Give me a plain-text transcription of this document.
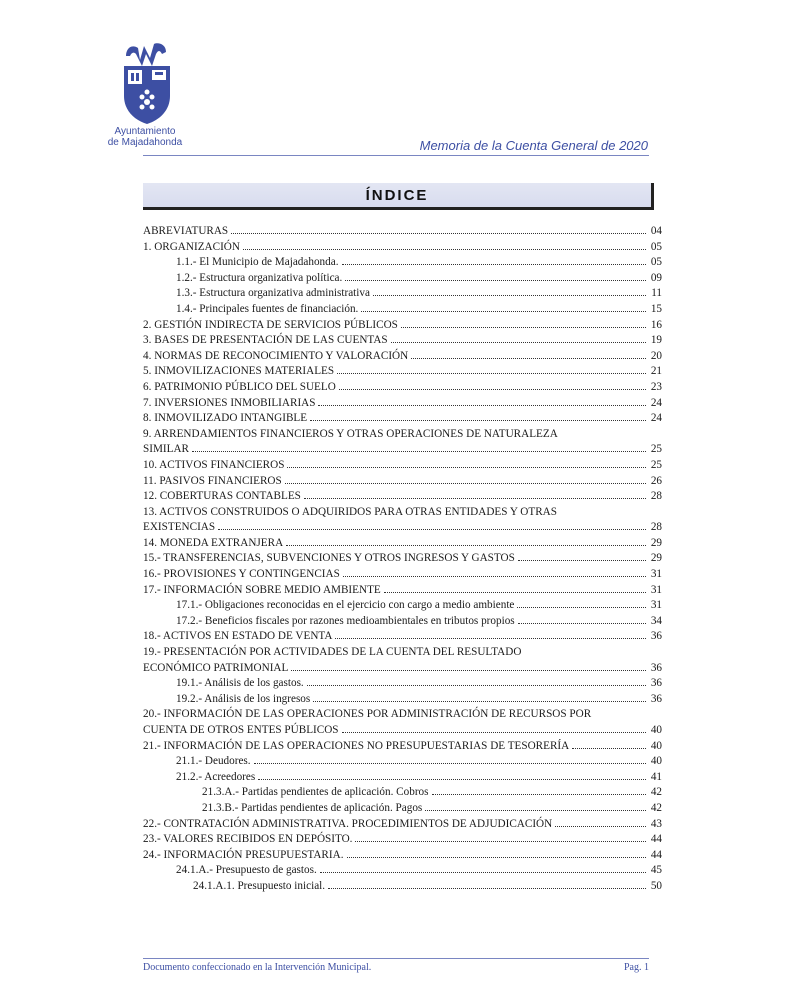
Ayuntamiento
de Majadahonda	Memoria de la Cuenta General de 2020
ÍNDICE
ABREVIATURAS	04
1. ORGANIZACIÓN	05
1.1.- El Municipio de Majadahonda.	05
1.2.- Estructura organizativa política.	09
1.3.- Estructura organizativa administrativa	11
1.4.- Principales fuentes de financiación.	15
2. GESTIÓN INDIRECTA DE SERVICIOS PÚBLICOS	16
3. BASES DE PRESENTACIÓN DE LAS CUENTAS	19
4. NORMAS DE RECONOCIMIENTO Y VALORACIÓN	20
5. INMOVILIZACIONES MATERIALES	21
6. PATRIMONIO PÚBLICO DEL SUELO	23
7. INVERSIONES INMOBILIARIAS	24
8. INMOVILIZADO INTANGIBLE	24
9. ARRENDAMIENTOS FINANCIEROS Y OTRAS OPERACIONES DE NATURALEZA
SIMILAR	25
10. ACTIVOS FINANCIEROS	25
11. PASIVOS FINANCIEROS	26
12. COBERTURAS CONTABLES	28
13. ACTIVOS CONSTRUIDOS O ADQUIRIDOS PARA OTRAS ENTIDADES Y OTRAS
EXISTENCIAS	28
14. MONEDA EXTRANJERA	29
15.- TRANSFERENCIAS, SUBVENCIONES Y OTROS INGRESOS Y GASTOS	29
16.- PROVISIONES Y CONTINGENCIAS	31
17.- INFORMACIÓN SOBRE MEDIO AMBIENTE	31
17.1.- Obligaciones reconocidas en el ejercicio con cargo a medio ambiente	31
17.2.- Beneficios fiscales por razones medioambientales en tributos propios	34
18.- ACTIVOS EN ESTADO DE VENTA	36
19.- PRESENTACIÓN POR ACTIVIDADES DE LA CUENTA DEL RESULTADO
ECONÓMICO PATRIMONIAL	36
19.1.- Análisis de los gastos.	36
19.2.- Análisis de los ingresos	36
20.- INFORMACIÓN DE LAS OPERACIONES POR ADMINISTRACIÓN DE RECURSOS POR
CUENTA DE OTROS ENTES PÚBLICOS	40
21.- INFORMACIÓN DE LAS OPERACIONES NO PRESUPUESTARIAS DE TESORERÍA	40
21.1.- Deudores.	40
21.2.- Acreedores	41
21.3.A.- Partidas pendientes de aplicación. Cobros	42
21.3.B.- Partidas pendientes de aplicación. Pagos	42
22.- CONTRATACIÓN ADMINISTRATIVA. PROCEDIMIENTOS DE ADJUDICACIÓN	43
23.- VALORES RECIBIDOS EN DEPÓSITO.	44
24.- INFORMACIÓN PRESUPUESTARIA.	44
24.1.A.- Presupuesto de gastos.	45
24.1.A.1. Presupuesto inicial.	50
Documento confeccionado en la Intervención Municipal.	Pag. 1
